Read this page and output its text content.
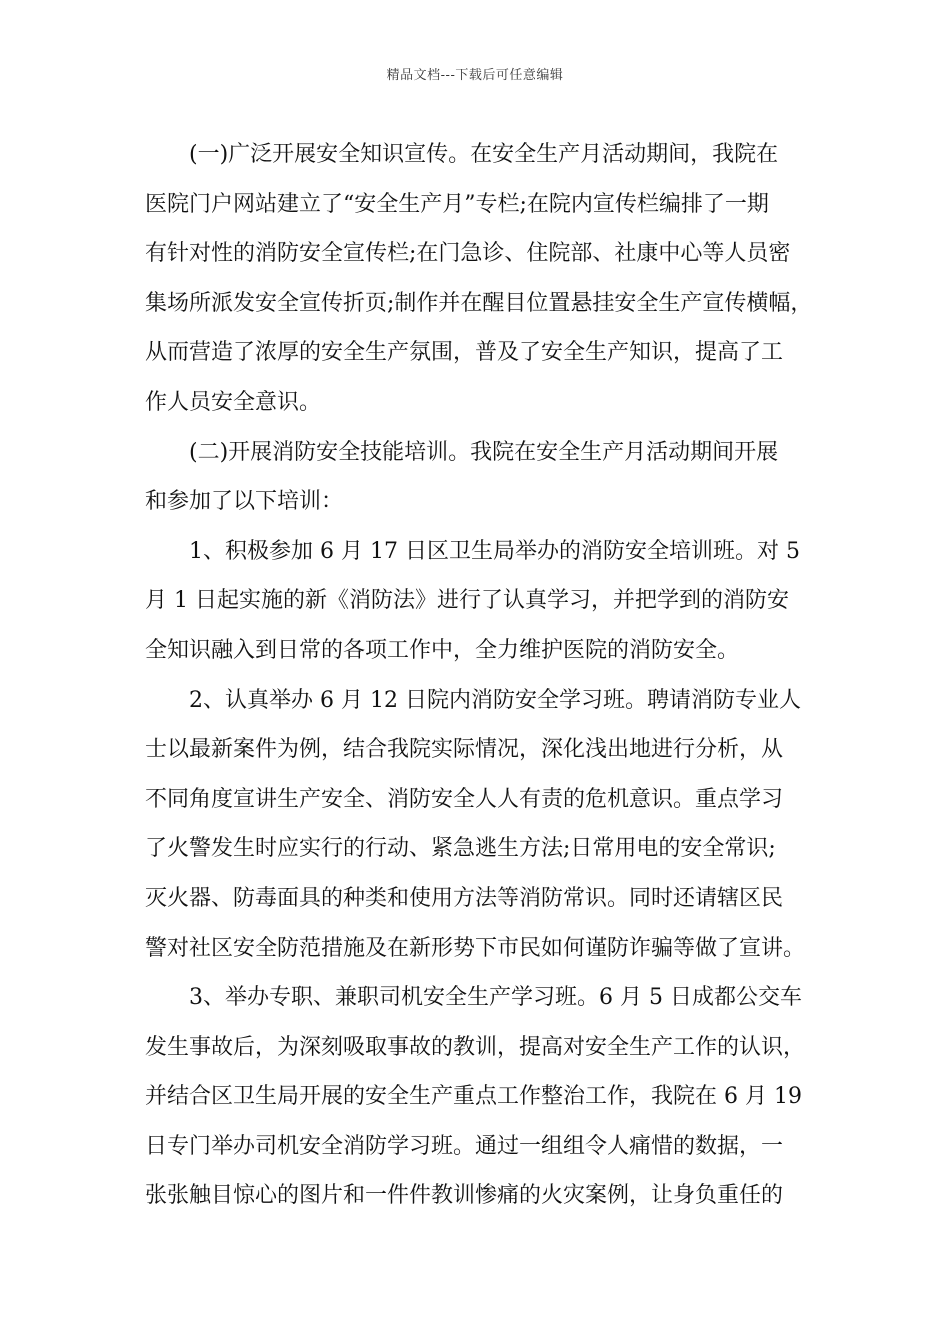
精品文档---下载后可任意编辑
(一)广泛开展安全知识宣传。在安全生产月活动期间，我院在
医院门户网站建立了“安全生产月”专栏;在院内宣传栏编排了一期
有针对性的消防安全宣传栏;在门急诊、住院部、社康中心等人员密
集场所派发安全宣传折页;制作并在醒目位置悬挂安全生产宣传横幅，
从而营造了浓厚的安全生产氛围，普及了安全生产知识，提高了工
作人员安全意识。
(二)开展消防安全技能培训。我院在安全生产月活动期间开展
和参加了以下培训：
1、积极参加 6 月 17 日区卫生局举办的消防安全培训班。对 5
月 1 日起实施的新《消防法》进行了认真学习，并把学到的消防安
全知识融入到日常的各项工作中，全力维护医院的消防安全。
2、认真举办 6 月 12 日院内消防安全学习班。聘请消防专业人
士以最新案件为例，结合我院实际情况，深化浅出地进行分析，从
不同角度宣讲生产安全、消防安全人人有责的危机意识。重点学习
了火警发生时应实行的行动、紧急逃生方法;日常用电的安全常识;
灭火器、防毒面具的种类和使用方法等消防常识。同时还请辖区民
警对社区安全防范措施及在新形势下市民如何谨防诈骗等做了宣讲。
3、举办专职、兼职司机安全生产学习班。6 月 5 日成都公交车
发生事故后，为深刻吸取事故的教训，提高对安全生产工作的认识，
并结合区卫生局开展的安全生产重点工作整治工作，我院在 6 月 19
日专门举办司机安全消防学习班。通过一组组令人痛惜的数据，一
张张触目惊心的图片和一件件教训惨痛的火灾案例，让身负重任的
